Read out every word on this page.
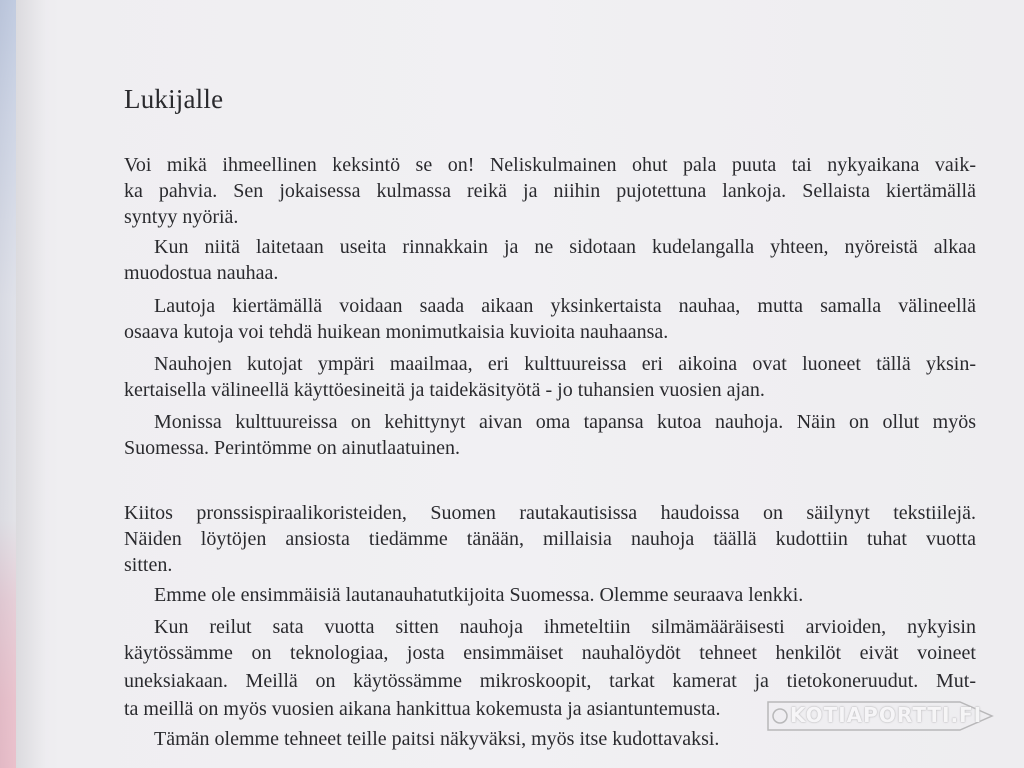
Lukijalle
Voi mikä ihmeellinen keksintö se on! Neliskulmainen ohut pala puuta tai nykyaikana vaik-
ka pahvia. Sen jokaisessa kulmassa reikä ja niihin pujotettuna lankoja. Sellaista kiertämällä
syntyy nyöriä.
Kun niitä laitetaan useita rinnakkain ja ne sidotaan kudelangalla yhteen, nyöreistä alkaa
muodostua nauhaa.
Lautoja kiertämällä voidaan saada aikaan yksinkertaista nauhaa, mutta samalla välineellä
osaava kutoja voi tehdä huikean monimutkaisia kuvioita nauhaansa.
Nauhojen kutojat ympäri maailmaa, eri kulttuureissa eri aikoina ovat luoneet tällä yksin-
kertaisella välineellä käyttöesineitä ja taidekäsityötä - jo tuhansien vuosien ajan.
Monissa kulttuureissa on kehittynyt aivan oma tapansa kutoa nauhoja. Näin on ollut myös
Suomessa. Perintömme on ainutlaatuinen.
Kiitos pronssispiraalikoristeiden, Suomen rautakautisissa haudoissa on säilynyt tekstiilejä.
Näiden löytöjen ansiosta tiedämme tänään, millaisia nauhoja täällä kudottiin tuhat vuotta
sitten.
Emme ole ensimmäisiä lautanauhatutkijoita Suomessa. Olemme seuraava lenkki.
Kun reilut sata vuotta sitten nauhoja ihmeteltiin silmämääräisesti arvioiden, nykyisin
käytössämme on teknologiaa, josta ensimmäiset nauhalöydöt tehneet henkilöt eivät voineet
uneksiakaan. Meillä on käytössämme mikroskoopit, tarkat kamerat ja tietokoneruudut. Mut-
ta meillä on myös vuosien aikana hankittua kokemusta ja asiantuntemusta.
Tämän olemme tehneet teille paitsi näkyväksi, myös itse kudottavaksi.
KOTIAPORTTI.FI
